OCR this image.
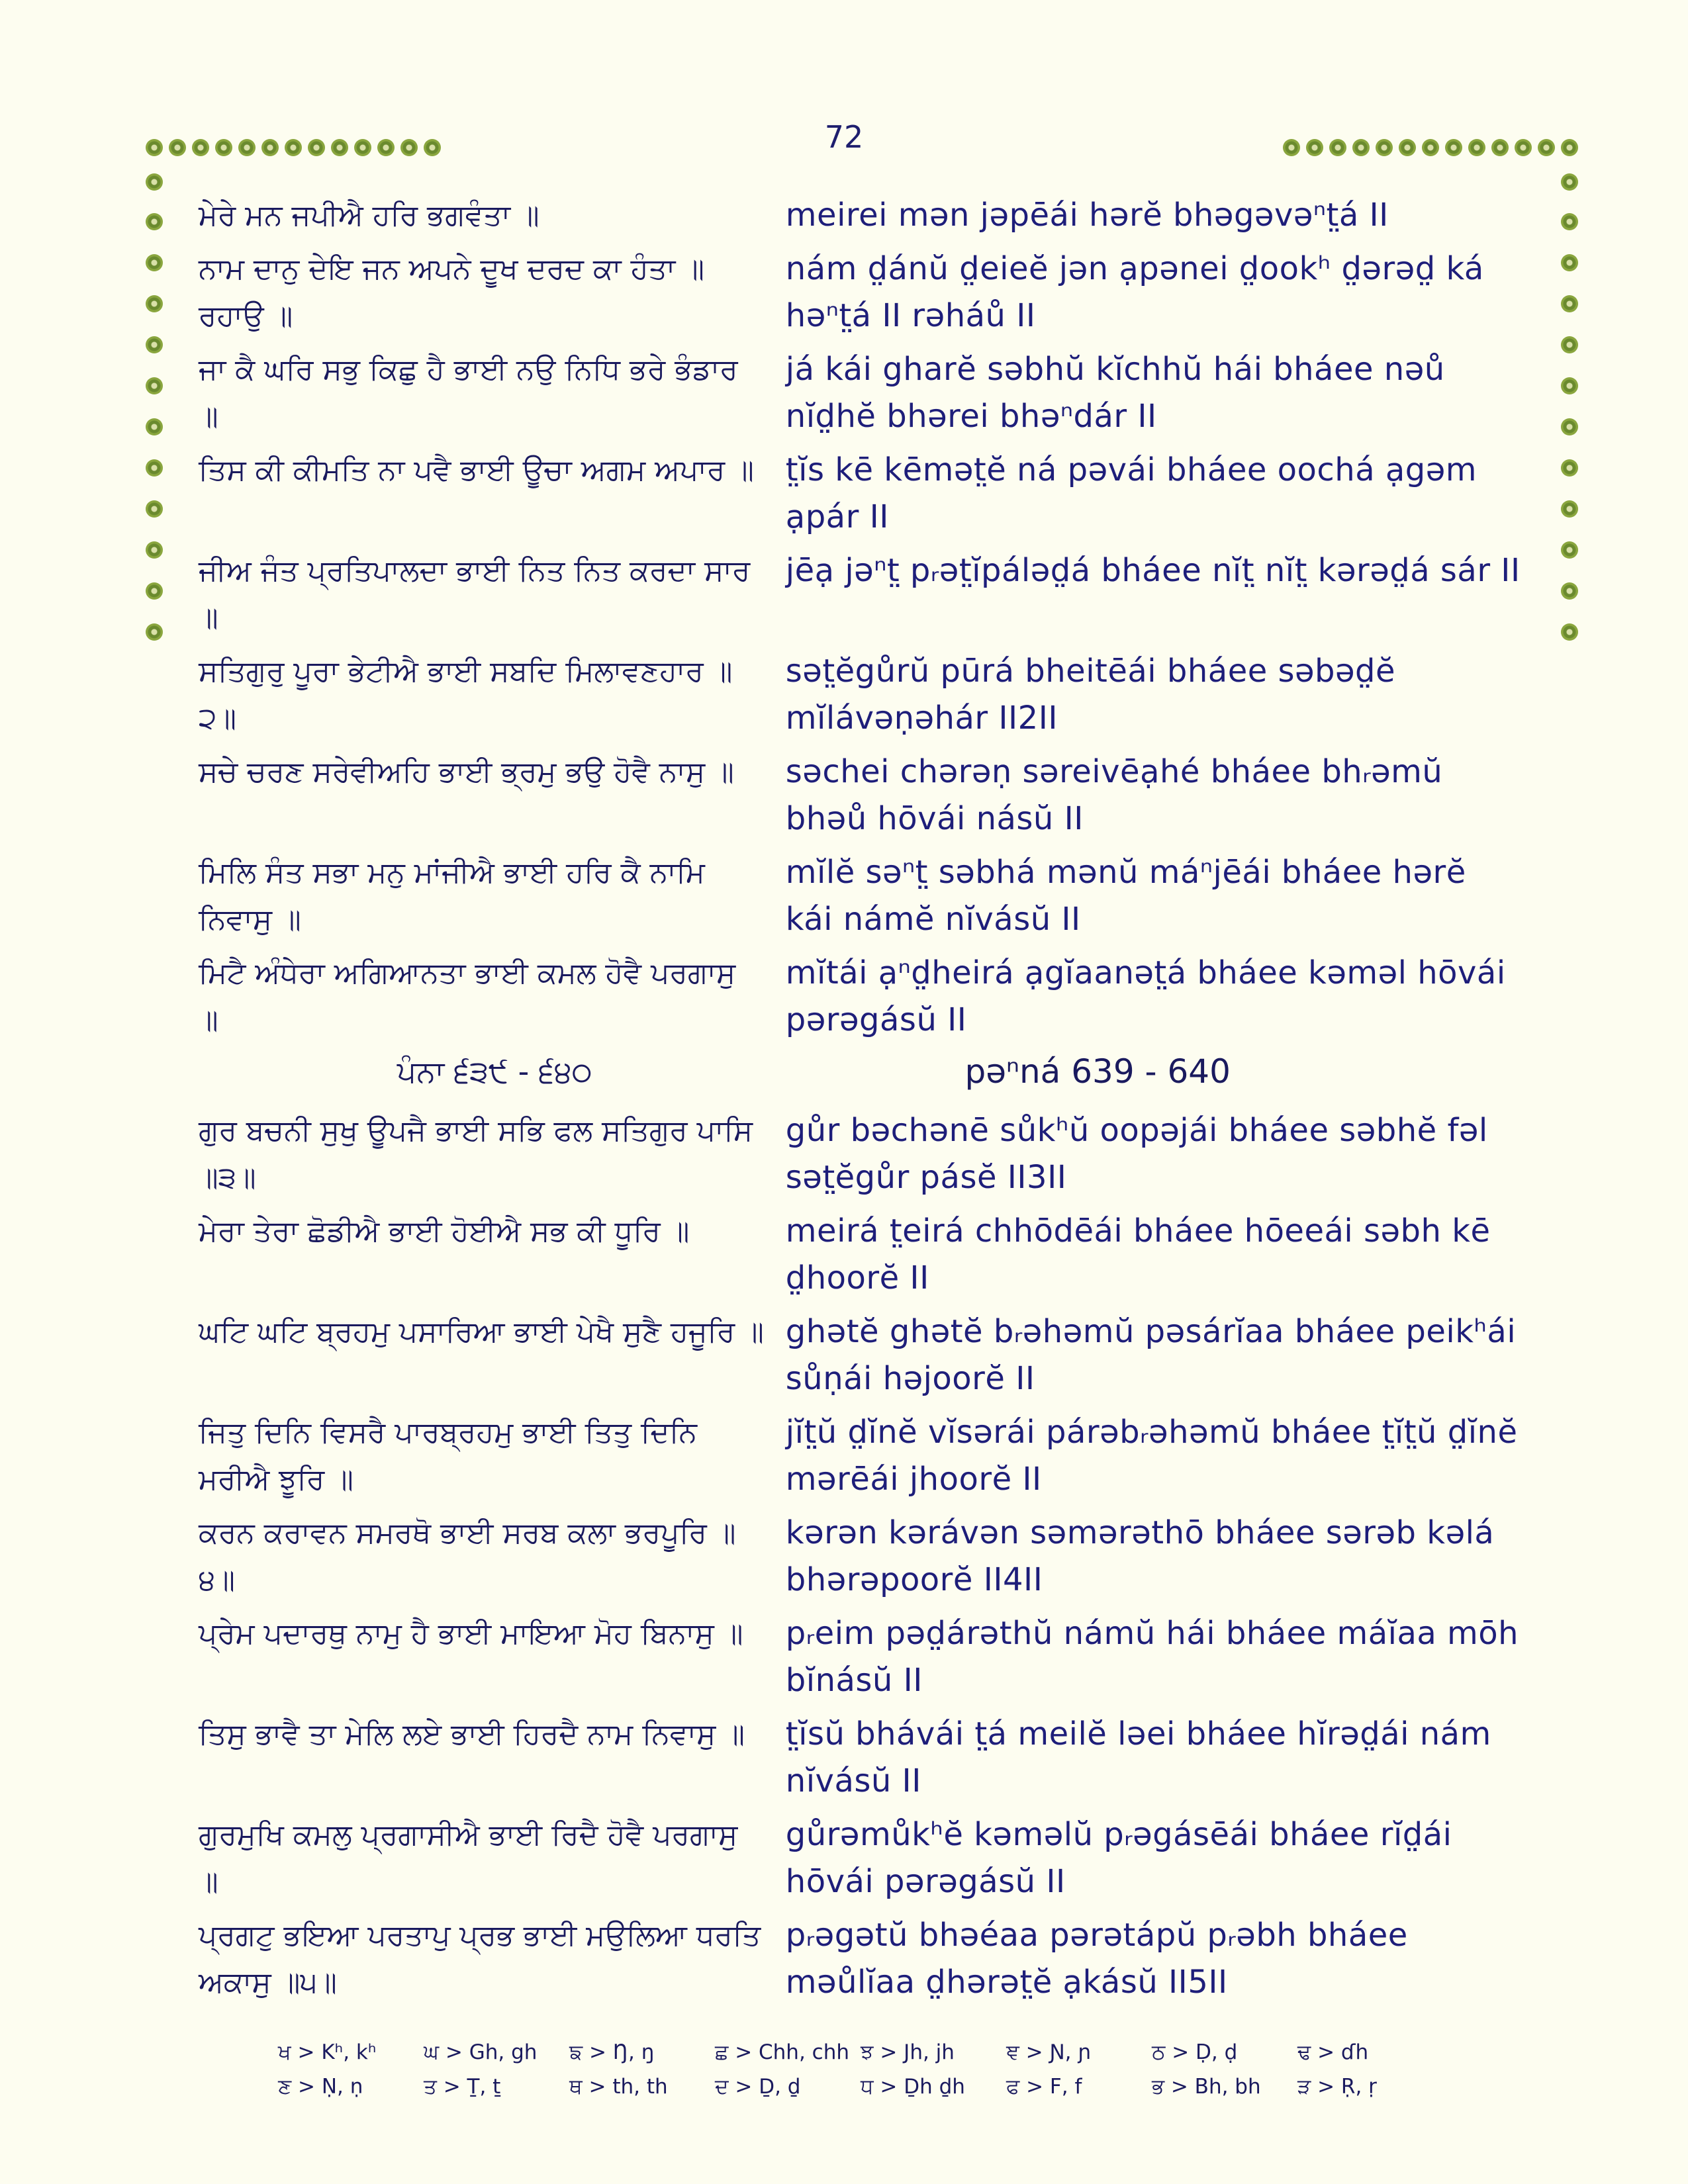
72
ਮੇਰੇ ਮਨ ਜਪੀਐ ਹਰਿ ਭਗਵੰਤਾ ॥	meirei mən jəpēái hərĕ bhəgəvəⁿt̤á II
ਨਾਮ ਦਾਨੁ ਦੇਇ ਜਨ ਅਪਨੇ ਦੂਖ ਦਰਦ ਕਾ ਹੰਤਾ ॥ ਰਹਾਉ ॥
nám d̤ánŭ d̤eieĕ jən ạpənei d̤ookʰ d̤ərəd̤ ká həⁿt̤á II rəháů II
ਜਾ ਕੈ ਘਰਿ ਸਭੁ ਕਿਛੁ ਹੈ ਭਾਈ ਨਉ ਨਿਧਿ ਭਰੇ ਭੰਡਾਰ ॥
já kái gharĕ səbhŭ kĭchhŭ hái bháee nəů nĭd̤hĕ bhərei bhəⁿdár II
ਤਿਸ ਕੀ ਕੀਮਤਿ ਨਾ ਪਵੈ ਭਾਈ ਊਚਾ ਅਗਮ ਅਪਾਰ ॥ t̤ĭs kē kēmət̤ĕ ná pəvái bháee oochá ạgəm ạpár II
ਜੀਅ ਜੰਤ ਪ੍ਰਤਿਪਾਲਦਾ ਭਾਈ ਨਿਤ ਨਿਤ ਕਰਦਾ ਸਾਰ ॥
jēạ jəⁿt̤ pᵣət̤ĭpáləd̤á bháee nĭt̤ nĭt̤ kərəd̤á sár II
ਸਤਿਗੁਰੁ ਪੂਰਾ ਭੇਟੀਐ ਭਾਈ ਸਬਦਿ ਮਿਲਾਵਣਹਾਰ ॥੨॥
sət̤ĕgůrŭ pūrá bheitēái bháee səbəd̤ĕ mĭlávəṇəhár II2II
ਸਚੇ ਚਰਣ ਸਰੇਵੀਅਹਿ ਭਾਈ ਭ੍ਰਮੁ ਭਉ ਹੋਵੈ ਨਾਸੁ ॥	səchei chərəṇ səreivēạhé bháee bhᵣəmŭ bhəů hōvái násŭ II
ਮਿਲਿ ਸੰਤ ਸਭਾ ਮਨੁ ਮਾਂਜੀਐ ਭਾਈ ਹਰਿ ਕੈ ਨਾਮਿ ਨਿਵਾਸੁ ॥
mĭlĕ səⁿt̤ səbhá mənŭ máⁿjēái bháee hərĕ kái námĕ nĭvásŭ II
ਮਿਟੈ ਅੰਧੇਰਾ ਅਗਿਆਨਤਾ ਭਾਈ ਕਮਲ ਹੋਵੈ ਪਰਗਾਸੁ ॥
mĭtái ạⁿd̤heirá ạgĭaanət̤á bháee kəməl hōvái pərəgásŭ II
ਪੰਨਾ ੬੩੯ - ੬੪੦	pəⁿná 639 - 640
ਗੁਰ ਬਚਨੀ ਸੁਖੁ ਊਪਜੈ ਭਾਈ ਸਭਿ ਫਲ ਸਤਿਗੁਰ ਪਾਸਿ ॥੩॥
gůr bəchənē sůkʰŭ oopəjái bháee səbhĕ fəl sət̤ĕgůr pásĕ II3II
ਮੇਰਾ ਤੇਰਾ ਛੋਡੀਐ ਭਾਈ ਹੋਈਐ ਸਭ ਕੀ ਧੂਰਿ ॥	meirá t̤eirá chhōdēái bháee hōeeái səbh kē d̤hoorĕ II
ਘਟਿ ਘਟਿ ਬ੍ਰਹਮੁ ਪਸਾਰਿਆ ਭਾਈ ਪੇਖੈ ਸੁਣੈ ਹਜੂਰਿ ॥ ghətĕ ghətĕ bᵣəhəmŭ pəsárĭaa bháee peikʰái sůṇái həjoorĕ II
ਜਿਤੁ ਦਿਨਿ ਵਿਸਰੈ ਪਾਰਬ੍ਰਹਮੁ ਭਾਈ ਤਿਤੁ ਦਿਨਿ ਮਰੀਐ ਝੂਰਿ ॥
jĭt̤ŭ d̤ĭnĕ vĭsərái párəbᵣəhəmŭ bháee t̤ĭt̤ŭ d̤ĭnĕ mərēái jhoorĕ II
ਕਰਨ ਕਰਾਵਨ ਸਮਰਥੋ ਭਾਈ ਸਰਬ ਕਲਾ ਭਰਪੂਰਿ ॥੪॥
kərən kərávən səmərəthō bháee sərəb kəlá bhərəpoorĕ II4II
ਪ੍ਰੇਮ ਪਦਾਰਥੁ ਨਾਮੁ ਹੈ ਭਾਈ ਮਾਇਆ ਮੋਹ ਬਿਨਾਸੁ ॥	pᵣeim pəd̤árəthŭ námŭ hái bháee máĭaa mōh bĭnásŭ II
ਤਿਸੁ ਭਾਵੈ ਤਾ ਮੇਲਿ ਲਏ ਭਾਈ ਹਿਰਦੈ ਨਾਮ ਨਿਵਾਸੁ ॥	t̤ĭsŭ bhávái t̤á meilĕ ləei bháee hĭrəd̤ái nám nĭvásŭ II
ਗੁਰਮੁਖਿ ਕਮਲੁ ਪ੍ਰਗਾਸੀਐ ਭਾਈ ਰਿਦੈ ਹੋਵੈ ਪਰਗਾਸੁ ॥
gůrəmůkʰĕ kəməlŭ pᵣəgásēái bháee rĭd̤ái hōvái pərəgásŭ II
ਪ੍ਰਗਟੁ ਭਇਆ ਪਰਤਾਪੁ ਪ੍ਰਭ ਭਾਈ ਮਉਲਿਆ ਧਰਤਿ ਅਕਾਸੁ ॥੫॥
pᵣəgətŭ bhəéaa pərətápŭ pᵣəbh bháee məůlĭaa d̤hərət̤ĕ ạkásŭ II5II
ਖ > Kʰ, kʰ	ਘ > Gh, gh	ਙ > Ŋ, ŋ	ਛ > Chh, chh ਝ > Jh, jh	ਞ > Ɲ, ɲ	ਠ > Ḍ, ḍ	ਢ > ɗh
ਣ > Ṇ, ṇ	ਤ > Ṯ, ṯ	ਥ > th, th	ਦ > Ḏ, ḏ	ਧ > Ḏh ḏh	ਫ > F, f	ਭ > Bh, bh	ੜ > Ṛ, ṛ
